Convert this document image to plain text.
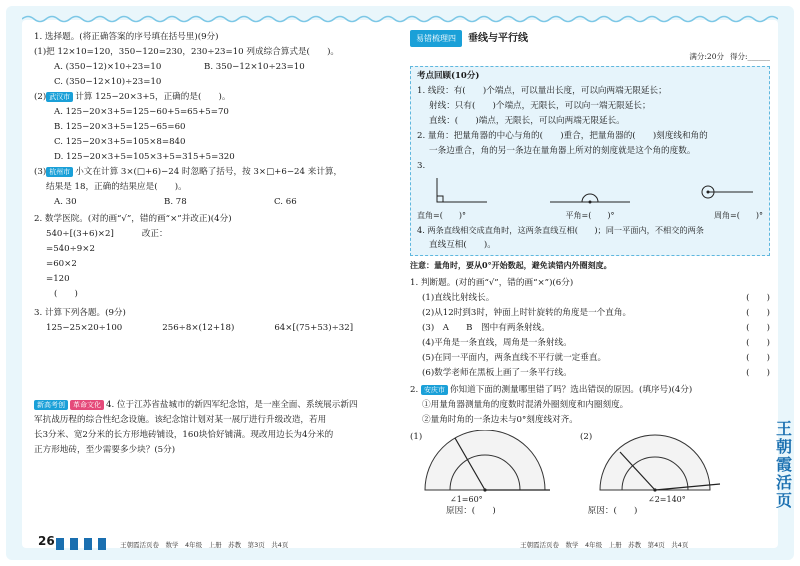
1. 选择题。(将正确答案的序号填在括号里)(9分)
(1)把 12×10=120，350−120=230，230÷23=10 列成综合算式是(　　)。
A. (350−12)×10÷23=10	B. 350−12×10÷23=10
C. (350−12×10)÷23=10
(2) 武汉市 计算 125−20×3+5，正确的是(　　)。
A. 125−20×3+5=125−60+5=65+5=70
B. 125−20×3+5=125−65=60
C. 125−20×3+5=105×8=840
D. 125−20×3+5=105×3+5=315+5=320
(3) 杭州市 小文在计算 3×(□+6)−24 时忽略了括号，按 3×□+6−24 来计算，
结果是 18，正确的结果应是(　　)。
A. 30	B. 78	C. 66
2. 数学医院。(对的画“√”，错的画“×”并改正)(4分)
540÷[(3+6)×2]	改正：
=540÷9×2
=60×2
=120
(　　)
3. 计算下列各题。(9分)
125−25×20÷100	256÷8×(12+18)	64×[(75+53)÷32]
新高考创 革命文化 4. 位于江苏省盐城市的新四军纪念馆，是一座全面、系统展示新四
军抗战历程的综合性纪念设施。该纪念馆计划对某一展厅进行升级改造，若用
长3分米、宽2分米的长方形地砖铺设，160块恰好铺满。现改用边长为4分米的
正方形地砖，至少需要多少块？(5分)
易错梳理四	垂线与平行线
满分:20分 得分:______
考点回顾(10分)
1. 线段：有(　　)个端点，可以量出长度，可以向两端无限延长；
射线：只有(　　)个端点，无限长，可以向一端无限延长；
直线：(　　)端点，无限长，可以向两端无限延长。
2. 量角：把量角器的中心与角的(　　)重合，把量角器的(　　)刻度线和角的
一条边重合，角的另一条边在量角器上所对的刻度就是这个角的度数。
3.
直角=(　　)°	平角=(　　)°	周角=(　　)°
4. 两条直线相交成直角时，这两条直线互相(　　)；同一平面内，不相交的两条
直线互相(　　)。
注意：量角时，要从0°开始数起，避免读错内外圈刻度。
1. 判断题。(对的画“√”，错的画“×”)(6分)
(1)直线比射线长。	(　　)
(2)从12时到3时，钟面上时针旋转的角度是一个直角。	(　　)
(3)　A　　B　图中有两条射线。	(　　)
(4)平角是一条直线，周角是一条射线。	(　　)
(5)在同一平面内，两条直线不平行就一定垂直。	(　　)
(6)数学老师在黑板上画了一条平行线。	(　　)
2. 安庆市 你知道下面的测量哪里错了吗？选出错误的原因。(填序号)(4分)
①用量角器测量角的度数时混淆外圈刻度和内圈刻度。
②量角时角的一条边未与0°刻度线对齐。
(1)
∠1=60°
(2)
∠2=140°
原因：(　　)	原因：(　　)
26	王朝霞活页卷　数学　4年级　上册　苏教　第3页　共4页	王朝霞活页卷　数学　4年级　上册　苏教　第4页　共4页
王朝霞活页
